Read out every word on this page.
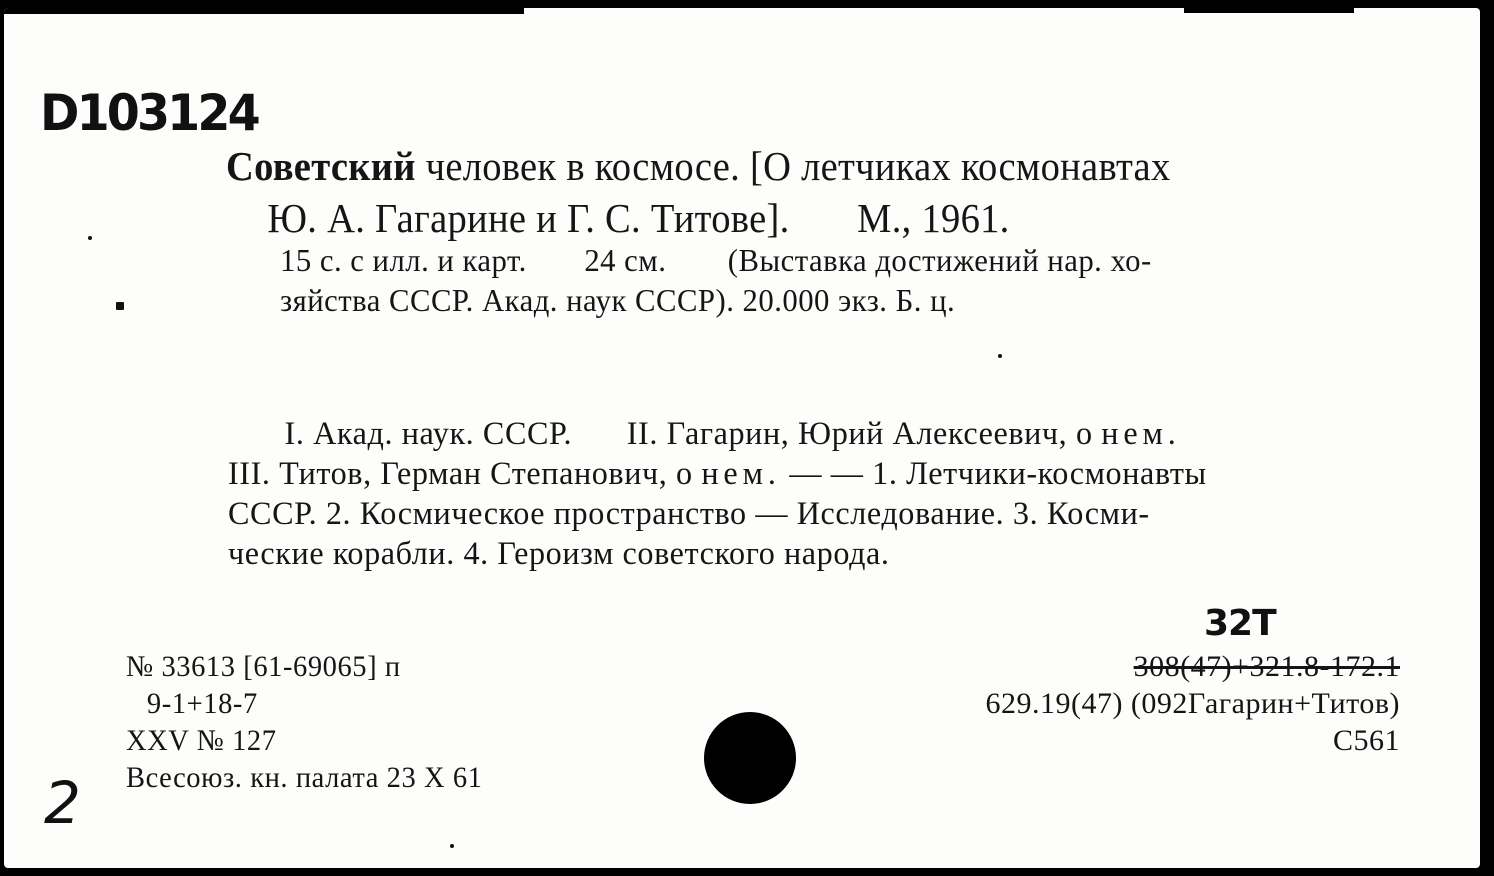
D103124
Советский человек в космосе. [О летчиках космонавтах
Ю. А. Гагарине и Г. С. Титове]. М., 1961.
15 с. с илл. и карт. 24 см. (Выставка достижений нар. хо-
зяйства СССР. Акад. наук СССР). 20.000 экз. Б. ц.
I. Акад. наук. СССР. II. Гагарин, Юрий Алексеевич, о нем.
III. Титов, Герман Степанович, о нем. — — 1. Летчики-космонавты
СССР. 2. Космическое пространство — Исследование. 3. Косми-
ческие корабли. 4. Героизм советского народа.
№ 33613 [61-69065] п
9-1+18-7
XXV № 127
Всесоюз. кн. палата 23 Х 61
32Т
308(47)+321.8-172.1
629.19(47) (092Гагарин+Титов)
С561
2
